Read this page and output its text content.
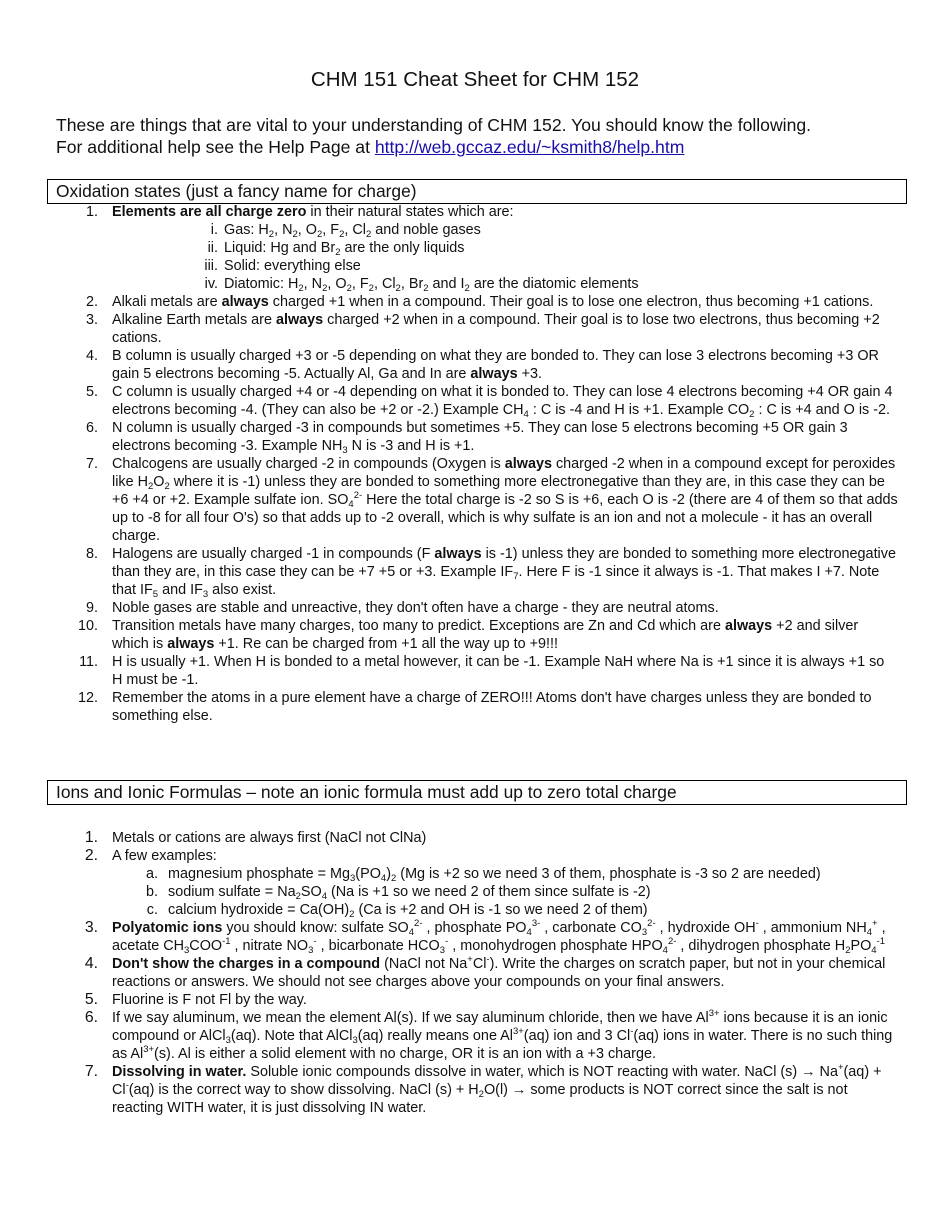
CHM 151 Cheat Sheet for CHM 152

These are things that are vital to your understanding of CHM 152. You should know the following.
For additional help see the Help Page at http://web.gccaz.edu/~ksmith8/help.htm

Oxidation states (just a fancy name for charge)
1. Elements are all charge zero in their natural states which are:
i. Gas: $H_2$, $N_2$, $O_2$, $F_2$, $Cl_2$ and noble gases
ii. Liquid: Hg and $Br_2$ are the only liquids
iii. Solid: everything else
iv. Diatomic: $H_2$, $N_2$, $O_2$, $F_2$, $Cl_2$, $Br_2$ and $I_2$ are the diatomic elements
2. Alkali metals are always charged +1 when in a compound. Their goal is to lose one electron, thus becoming +1 cations.
3. Alkaline Earth metals are always charged +2 when in a compound. Their goal is to lose two electrons, thus becoming +2 cations.
4. B column is usually charged +3 or -5 depending on what they are bonded to. They can lose 3 electrons becoming +3 OR gain 5 electrons becoming -5. Actually Al, Ga and In are always +3.
5. C column is usually charged +4 or -4 depending on what it is bonded to. They can lose 4 electrons becoming +4 OR gain 4 electrons becoming -4. (They can also be +2 or -2.) Example $CH_4$ : C is -4 and H is +1. Example $CO_2$ : C is +4 and O is -2.
6. N column is usually charged -3 in compounds but sometimes +5. They can lose 5 electrons becoming +5 OR gain 3 electrons becoming -3. Example $NH_3$ N is -3 and H is +1.
7. Chalcogens are usually charged -2 in compounds (Oxygen is always charged -2 when in a compound except for peroxides like $H_2O_2$ where it is -1) unless they are bonded to something more electronegative than they are, in this case they can be +6 +4 or +2. Example sulfate ion. $SO_4^{2-}$ Here the total charge is -2 so S is +6, each O is -2 (there are 4 of them so that adds up to -8 for all four O's) so that adds up to -2 overall, which is why sulfate is an ion and not a molecule - it has an overall charge.
8. Halogens are usually charged -1 in compounds (F always is -1) unless they are bonded to something more electronegative than they are, in this case they can be +7 +5 or +3. Example $IF_7$. Here F is -1 since it always is -1. That makes I +7. Note that $IF_5$ and $IF_3$ also exist.
9. Noble gases are stable and unreactive, they don't often have a charge - they are neutral atoms.
10. Transition metals have many charges, too many to predict. Exceptions are Zn and Cd which are always +2 and silver which is always +1. Re can be charged from +1 all the way up to +9!!!
11. H is usually +1. When H is bonded to a metal however, it can be -1. Example NaH where Na is +1 since it is always +1 so H must be -1.
12. Remember the atoms in a pure element have a charge of ZERO!!! Atoms don't have charges unless they are bonded to something else.
Ions and Ionic Formulas – note an ionic formula must add up to zero total charge
1. Metals or cations are always first (NaCl not ClNa)
2. A few examples:
a. magnesium phosphate = $Mg_3(PO_4)_2$ (Mg is +2 so we need 3 of them, phosphate is -3 so 2 are needed)
b. sodium sulfate = $Na_2SO_4$ (Na is +1 so we need 2 of them since sulfate is -2)
c. calcium hydroxide = $Ca(OH)_2$ (Ca is +2 and OH is -1 so we need 2 of them)
3. Polyatomic ions you should know: sulfate $SO_4^{2-}$ , phosphate $PO_4^{3-}$ , carbonate $CO_3^{2-}$ , hydroxide OH- , ammonium $NH_4^+$ , acetate $CH_3COO^{-1}$ , nitrate $NO_3^-$ , bicarbonate $HCO_3^-$ , monohydrogen phosphate $HPO_4^{2-}$ , dihydrogen phosphate $H_2PO_4^{-1}$
4. Don't show the charges in a compound (NaCl not Na+Cl-). Write the charges on scratch paper, but not in your chemical reactions or answers. We should not see charges above your compounds on your final answers.
5. Fluorine is F not Fl by the way.
6. If we say aluminum, we mean the element Al(s). If we say aluminum chloride, then we have $Al^{3+}$ ions because it is an ionic compound or AlCl$_3$(aq). Note that AlCl$_3$(aq) really means one $Al^{3+}(aq)$ ion and 3 Cl-(aq) ions in water. There is no such thing as $Al^{3+}(s)$. Al is either a solid element with no charge, OR it is an ion with a +3 charge.
7. Dissolving in water. Soluble ionic compounds dissolve in water, which is NOT reacting with water. NaCl (s) → Na+(aq) + Cl-(aq) is the correct way to show dissolving. NaCl $(s) + H_2O(l)$ → some products is NOT correct since the salt is not reacting WITH water, it is just dissolving IN water.
